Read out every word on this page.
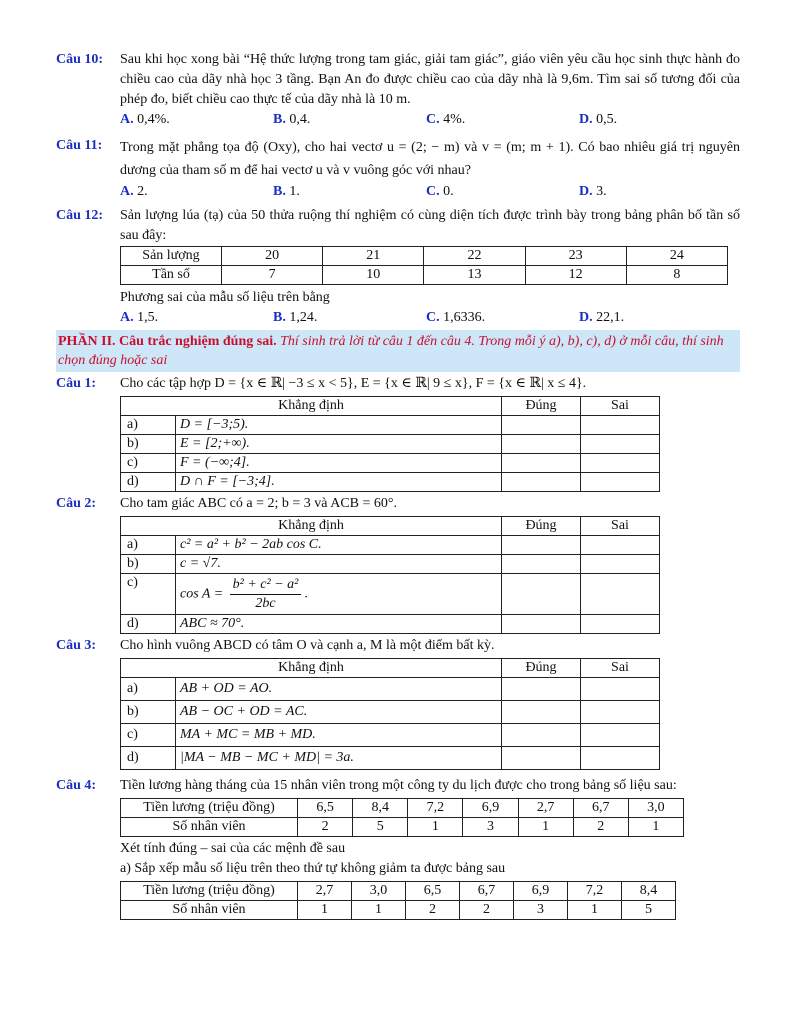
Câu 10: Sau khi học xong bài “Hệ thức lượng trong tam giác, giải tam giác”, giáo viên yêu cầu học sinh thực hành đo chiều cao của dãy nhà học 3 tầng. Bạn An đo được chiều cao của dãy nhà là 9,6m. Tìm sai số tương đối của phép đo, biết chiều cao thực tế của dãy nhà là 10 m.
A. 0,4%.	B. 0,4.	C. 4%.	D. 0,5.
Câu 11: Trong mặt phẳng tọa độ (Oxy), cho hai vectơ u = (2; − m) và v = (m; m + 1). Có bao nhiêu giá trị nguyên dương của tham số m để hai vectơ u và v vuông góc với nhau?
A. 2.	B. 1.	C. 0.	D. 3.
Câu 12: Sản lượng lúa (tạ) của 50 thửa ruộng thí nghiệm có cùng diện tích được trình bày trong bảng phân bố tần số sau đây:
Sản lượng	20	21	22	23	24
Tần số	7	10	13	12	8
Phương sai của mẫu số liệu trên bằng
A. 1,5.	B. 1,24.	C. 1,6336.	D. 22,1.
PHẦN II. Câu trắc nghiệm đúng sai. Thí sinh trả lời từ câu 1 đến câu 4. Trong mỗi ý a), b), c), d) ở mỗi câu, thí sinh chọn đúng hoặc sai
Câu 1: Cho các tập hợp D = {x ∈ ℝ| −3 ≤ x < 5}, E = {x ∈ ℝ| 9 ≤ x}, F = {x ∈ ℝ| x ≤ 4}.
Khẳng định		Đúng	Sai
a)	D = [−3;5).		
b)	E = [2;+∞).		
c)	F = (−∞;4].		
d)	D ∩ F = [−3;4].		
Câu 2: Cho tam giác ABC có a = 2; b = 3 và ACB = 60°.
Khẳng định		Đúng	Sai
a)	c² = a² + b² − 2ab cos C.		
b)	c = √7.		
c)	$\cos A = \frac{\text{b² + c² − a²}}{2bc}$ .		
d)	ABC ≈ 70°.		
Câu 3: Cho hình vuông ABCD có tâm O và cạnh a, M là một điểm bất kỳ.
Khẳng định		Đúng	Sai
a)	AB + OD = AO.		
b)	AB − OC + OD = AC.		
c)	MA + MC = MB + MD.		
d)	|MA − MB − MC + MD| = 3a.		
Câu 4: Tiền lương hàng tháng của 15 nhân viên trong một công ty du lịch được cho trong bảng số liệu sau:
Tiền lương (triệu đồng)	6,5	8,4	7,2	6,9	2,7	6,7	3,0
Số nhân viên	2	5	1	3	1	2	1
Xét tính đúng – sai của các mệnh đề sau
a) Sắp xếp mẫu số liệu trên theo thứ tự không giảm ta được bảng sau
Tiền lương (triệu đồng)	2,7	3,0	6,5	6,7	6,9	7,2	8,4
Số nhân viên	1	1	2	2	3	1	5
